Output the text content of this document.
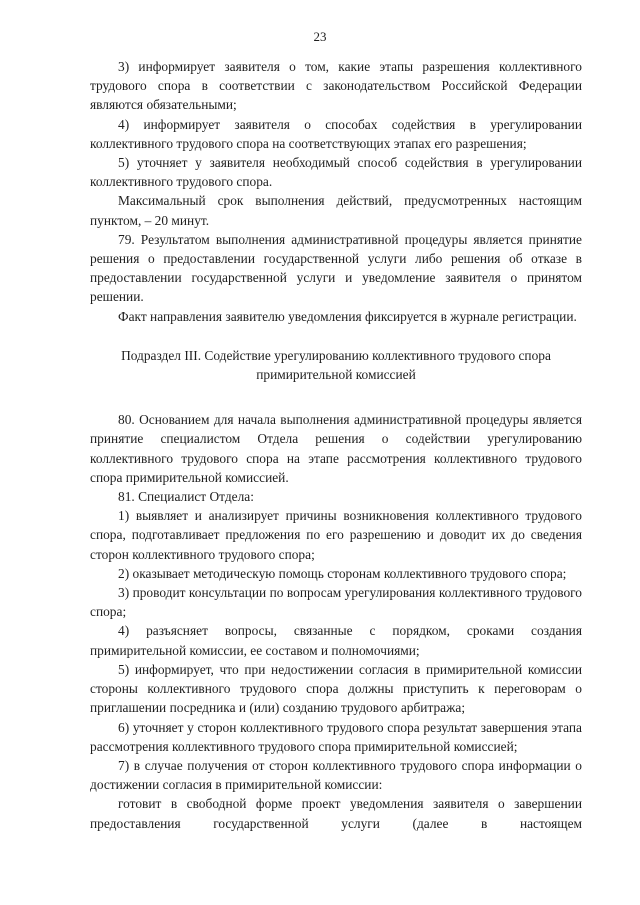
23

3) информирует заявителя о том, какие этапы разрешения коллективного трудового спора в соответствии с законодательством Российской Федерации являются обязательными;

4) информирует заявителя о способах содействия в урегулировании коллективного трудового спора на соответствующих этапах его разрешения;

5) уточняет у заявителя необходимый способ содействия в урегулировании коллективного трудового спора.

Максимальный срок выполнения действий, предусмотренных настоящим пунктом, – 20 минут.

79. Результатом выполнения административной процедуры является принятие решения о предоставлении государственной услуги либо решения об отказе в предоставлении государственной услуги и уведомление заявителя о принятом решении.

Факт направления заявителю уведомления фиксируется в журнале регистрации.

Подраздел III. Содействие урегулированию коллективного трудового спора примирительной комиссией

80. Основанием для начала выполнения административной процедуры является принятие специалистом Отдела решения о содействии урегулированию коллективного трудового спора на этапе рассмотрения коллективного трудового спора примирительной комиссией.

81. Специалист Отдела:

1) выявляет и анализирует причины возникновения коллективного трудового спора, подготавливает предложения по его разрешению и доводит их до сведения сторон коллективного трудового спора;

2) оказывает методическую помощь сторонам коллективного трудового спора;

3) проводит консультации по вопросам урегулирования коллективного трудового спора;

4) разъясняет вопросы, связанные с порядком, сроками создания примирительной комиссии, ее составом и полномочиями;

5) информирует, что при недостижении согласия в примирительной комиссии стороны коллективного трудового спора должны приступить к переговорам о приглашении посредника и (или) созданию трудового арбитража;

6) уточняет у сторон коллективного трудового спора результат завершения этапа рассмотрения коллективного трудового спора примирительной комиссией;

7) в случае получения от сторон коллективного трудового спора информации о достижении согласия в примирительной комиссии:

готовит в свободной форме проект уведомления заявителя о завершении предоставления государственной услуги (далее в настоящем
